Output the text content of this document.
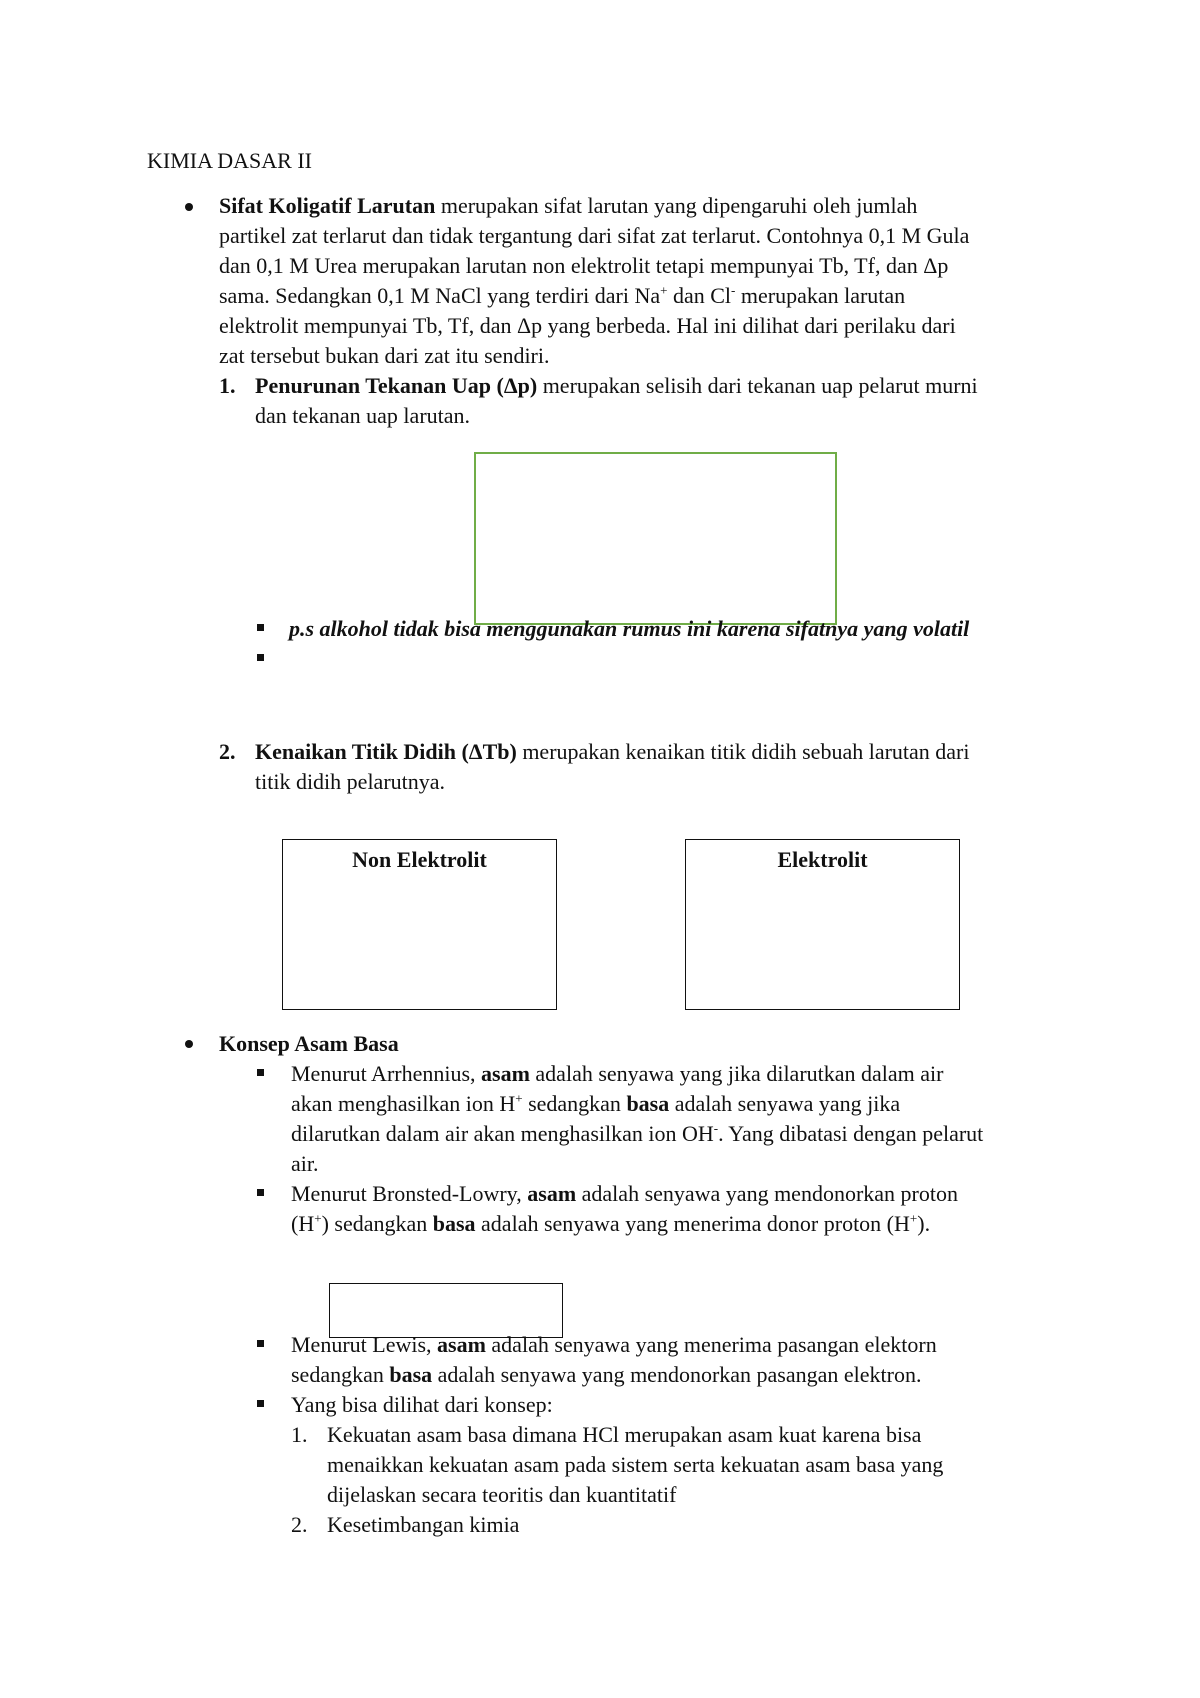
KIMIA DASAR II
Sifat Koligatif Larutan merupakan sifat larutan yang dipengaruhi oleh jumlah
partikel zat terlarut dan tidak tergantung dari sifat zat terlarut. Contohnya 0,1 M Gula
dan 0,1 M Urea merupakan larutan non elektrolit tetapi mempunyai Tb, Tf, dan Δp
sama. Sedangkan 0,1 M NaCl yang terdiri dari Na+ dan Cl- merupakan larutan
elektrolit mempunyai Tb, Tf, dan Δp yang berbeda. Hal ini dilihat dari perilaku dari
zat tersebut bukan dari zat itu sendiri.
1. Penurunan Tekanan Uap (Δp) merupakan selisih dari tekanan uap pelarut murni
dan tekanan uap larutan.
p.s alkohol tidak bisa menggunakan rumus ini karena sifatnya yang volatil
2. Kenaikan Titik Didih (ΔTb) merupakan kenaikan titik didih sebuah larutan dari
titik didih pelarutnya.
Non Elektrolit	Elektrolit
Konsep Asam Basa
Menurut Arrhennius, asam adalah senyawa yang jika dilarutkan dalam air
akan menghasilkan ion H+ sedangkan basa adalah senyawa yang jika
dilarutkan dalam air akan menghasilkan ion OH-. Yang dibatasi dengan pelarut
air.
Menurut Bronsted-Lowry, asam adalah senyawa yang mendonorkan proton
(H+) sedangkan basa adalah senyawa yang menerima donor proton (H+).
Menurut Lewis, asam adalah senyawa yang menerima pasangan elektorn
sedangkan basa adalah senyawa yang mendonorkan pasangan elektron.
Yang bisa dilihat dari konsep:
1. Kekuatan asam basa dimana HCl merupakan asam kuat karena bisa
menaikkan kekuatan asam pada sistem serta kekuatan asam basa yang
dijelaskan secara teoritis dan kuantitatif
2. Kesetimbangan kimia
